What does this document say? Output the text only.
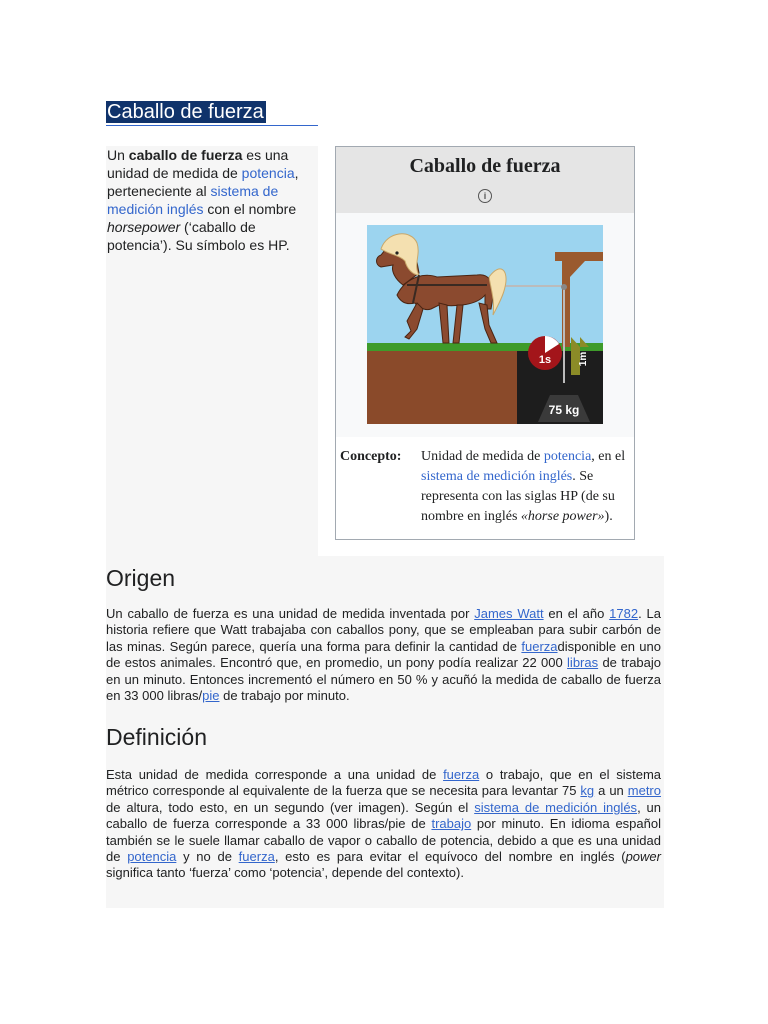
Caballo de fuerza

Un caballo de fuerza es una unidad de medida de potencia, perteneciente al sistema de medición inglés con el nombre horsepower (‘caballo de potencia’). Su símbolo es HP.

Caballo de fuerza
i
1s	1m
75 kg
Concepto: Unidad de medida de potencia, en el sistema de medición inglés. Se representa con las siglas HP (de su nombre en inglés «horse power»).
Origen
Un caballo de fuerza es una unidad de medida inventada por James Watt en el año 1782. La historia refiere que Watt trabajaba con caballos pony, que se empleaban para subir carbón de las minas. Según parece, quería una forma para definir la cantidad de fuerzadisponible en uno de estos animales. Encontró que, en promedio, un pony podía realizar 22 000 libras de trabajo en un minuto. Entonces incrementó el número en 50 % y acuñó la medida de caballo de fuerza en 33 000 libras/pie de trabajo por minuto.
Definición
Esta unidad de medida corresponde a una unidad de fuerza o trabajo, que en el sistema métrico corresponde al equivalente de la fuerza que se necesita para levantar 75 kg a un metro de altura, todo esto, en un segundo (ver imagen). Según el sistema de medición inglés, un caballo de fuerza corresponde a 33 000 libras/pie de trabajo por minuto. En idioma español también se le suele llamar caballo de vapor o caballo de potencia, debido a que es una unidad de potencia y no de fuerza, esto es para evitar el equívoco del nombre en inglés (power significa tanto ‘fuerza’ como ‘potencia’, depende del contexto).
